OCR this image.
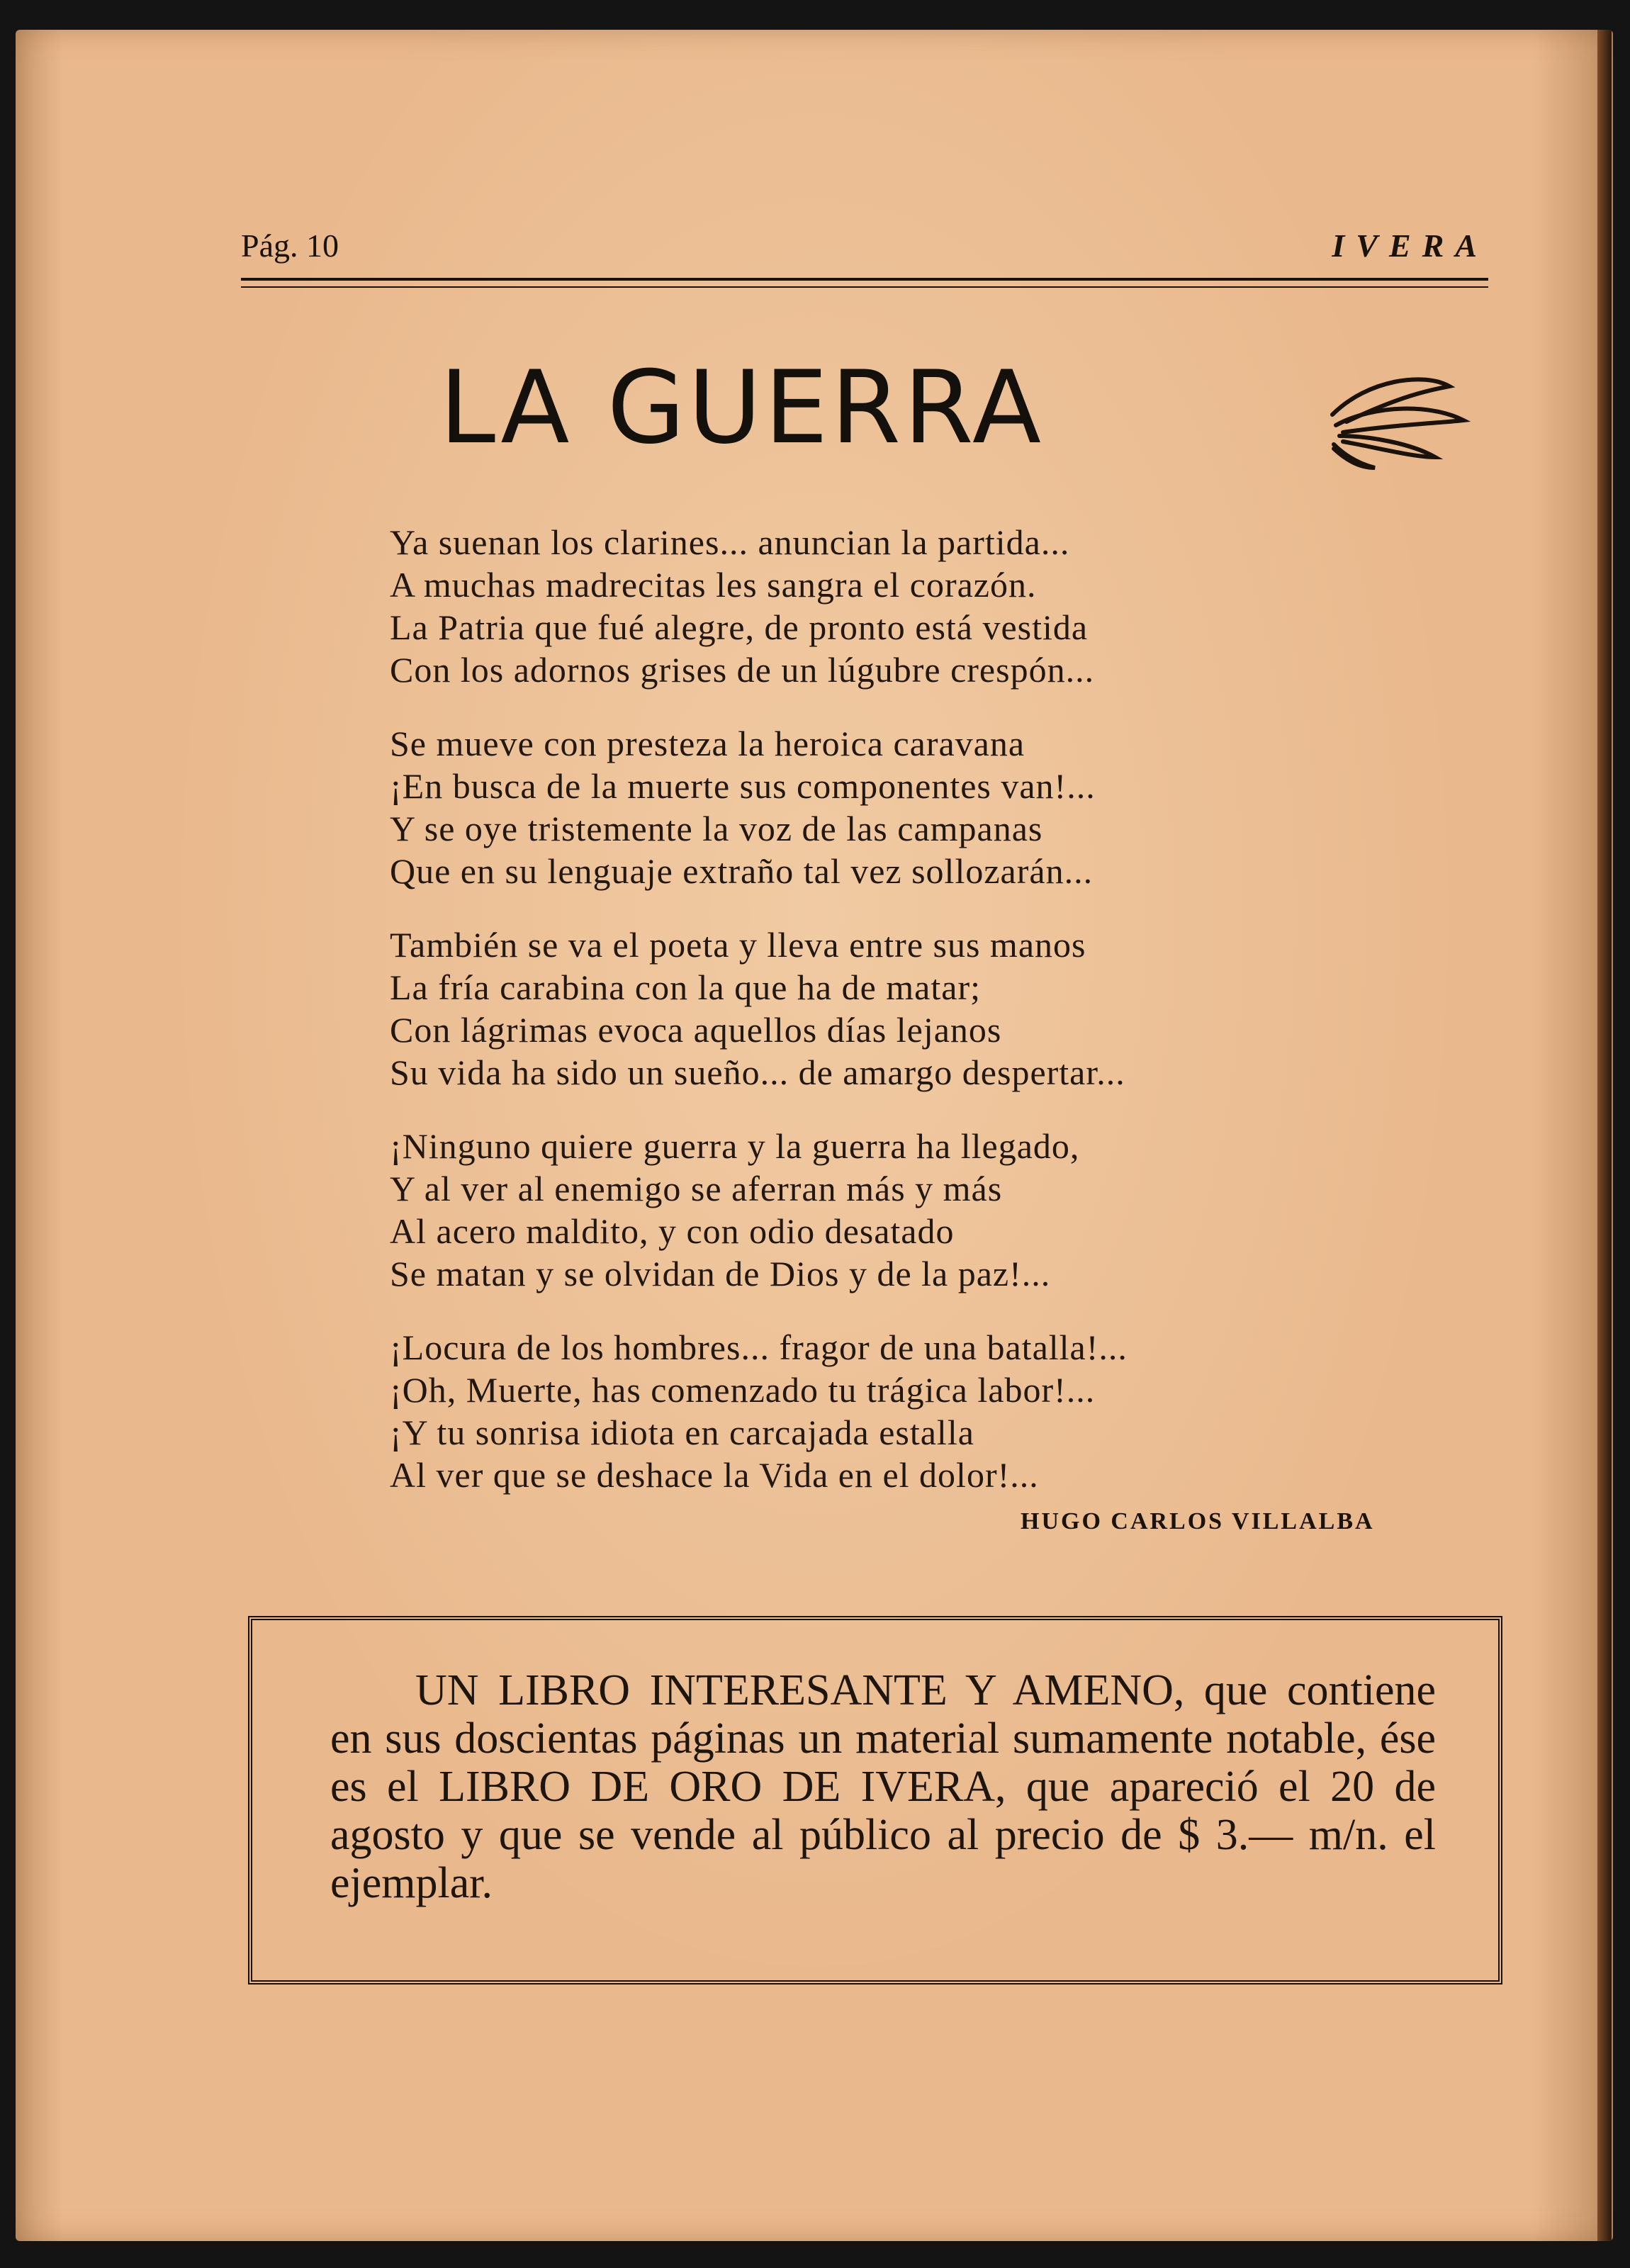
Pág. 10	IVERA
LA GUERRA
Ya suenan los clarines... anuncian la partida...
A muchas madrecitas les sangra el corazón.
La Patria que fué alegre, de pronto está vestida
Con los adornos grises de un lúgubre crespón...
Se mueve con presteza la heroica caravana
¡En busca de la muerte sus componentes van!...
Y se oye tristemente la voz de las campanas
Que en su lenguaje extraño tal vez sollozarán...
También se va el poeta y lleva entre sus manos
La fría carabina con la que ha de matar;
Con lágrimas evoca aquellos días lejanos
Su vida ha sido un sueño... de amargo despertar...
¡Ninguno quiere guerra y la guerra ha llegado,
Y al ver al enemigo se aferran más y más
Al acero maldito, y con odio desatado
Se matan y se olvidan de Dios y de la paz!...
¡Locura de los hombres... fragor de una batalla!...
¡Oh, Muerte, has comenzado tu trágica labor!...
¡Y tu sonrisa idiota en carcajada estalla
Al ver que se deshace la Vida en el dolor!...
HUGO CARLOS VILLALBA
UN LIBRO INTERESANTE Y AMENO, que contiene en sus doscientas páginas un material sumamente notable, ése es el LIBRO DE ORO DE IVERA, que apareció el 20 de agosto y que se vende al público al precio de $ 3.— m/n. el ejemplar.
